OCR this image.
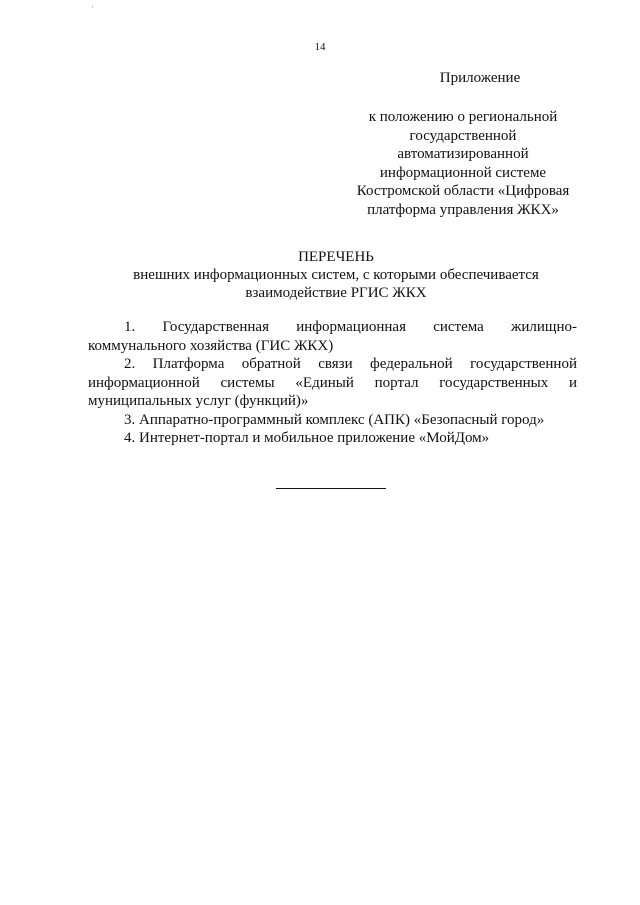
14
Приложение
к положению о региональной
государственной
автоматизированной
информационной системе
Костромской области «Цифровая
платформа управления ЖКХ»
ПЕРЕЧЕНЬ
внешних информационных систем, с которыми обеспечивается
взаимодействие РГИС ЖКХ

1. Государственная информационная система жилищно-
коммунального хозяйства (ГИС ЖКХ)

2. Платформа обратной связи федеральной государственной
информационной системы «Единый портал государственных и
муниципальных услуг (функций)»

3. Аппаратно-программный комплекс (АПК) «Безопасный город»

4. Интернет-портал и мобильное приложение «МойДом»
